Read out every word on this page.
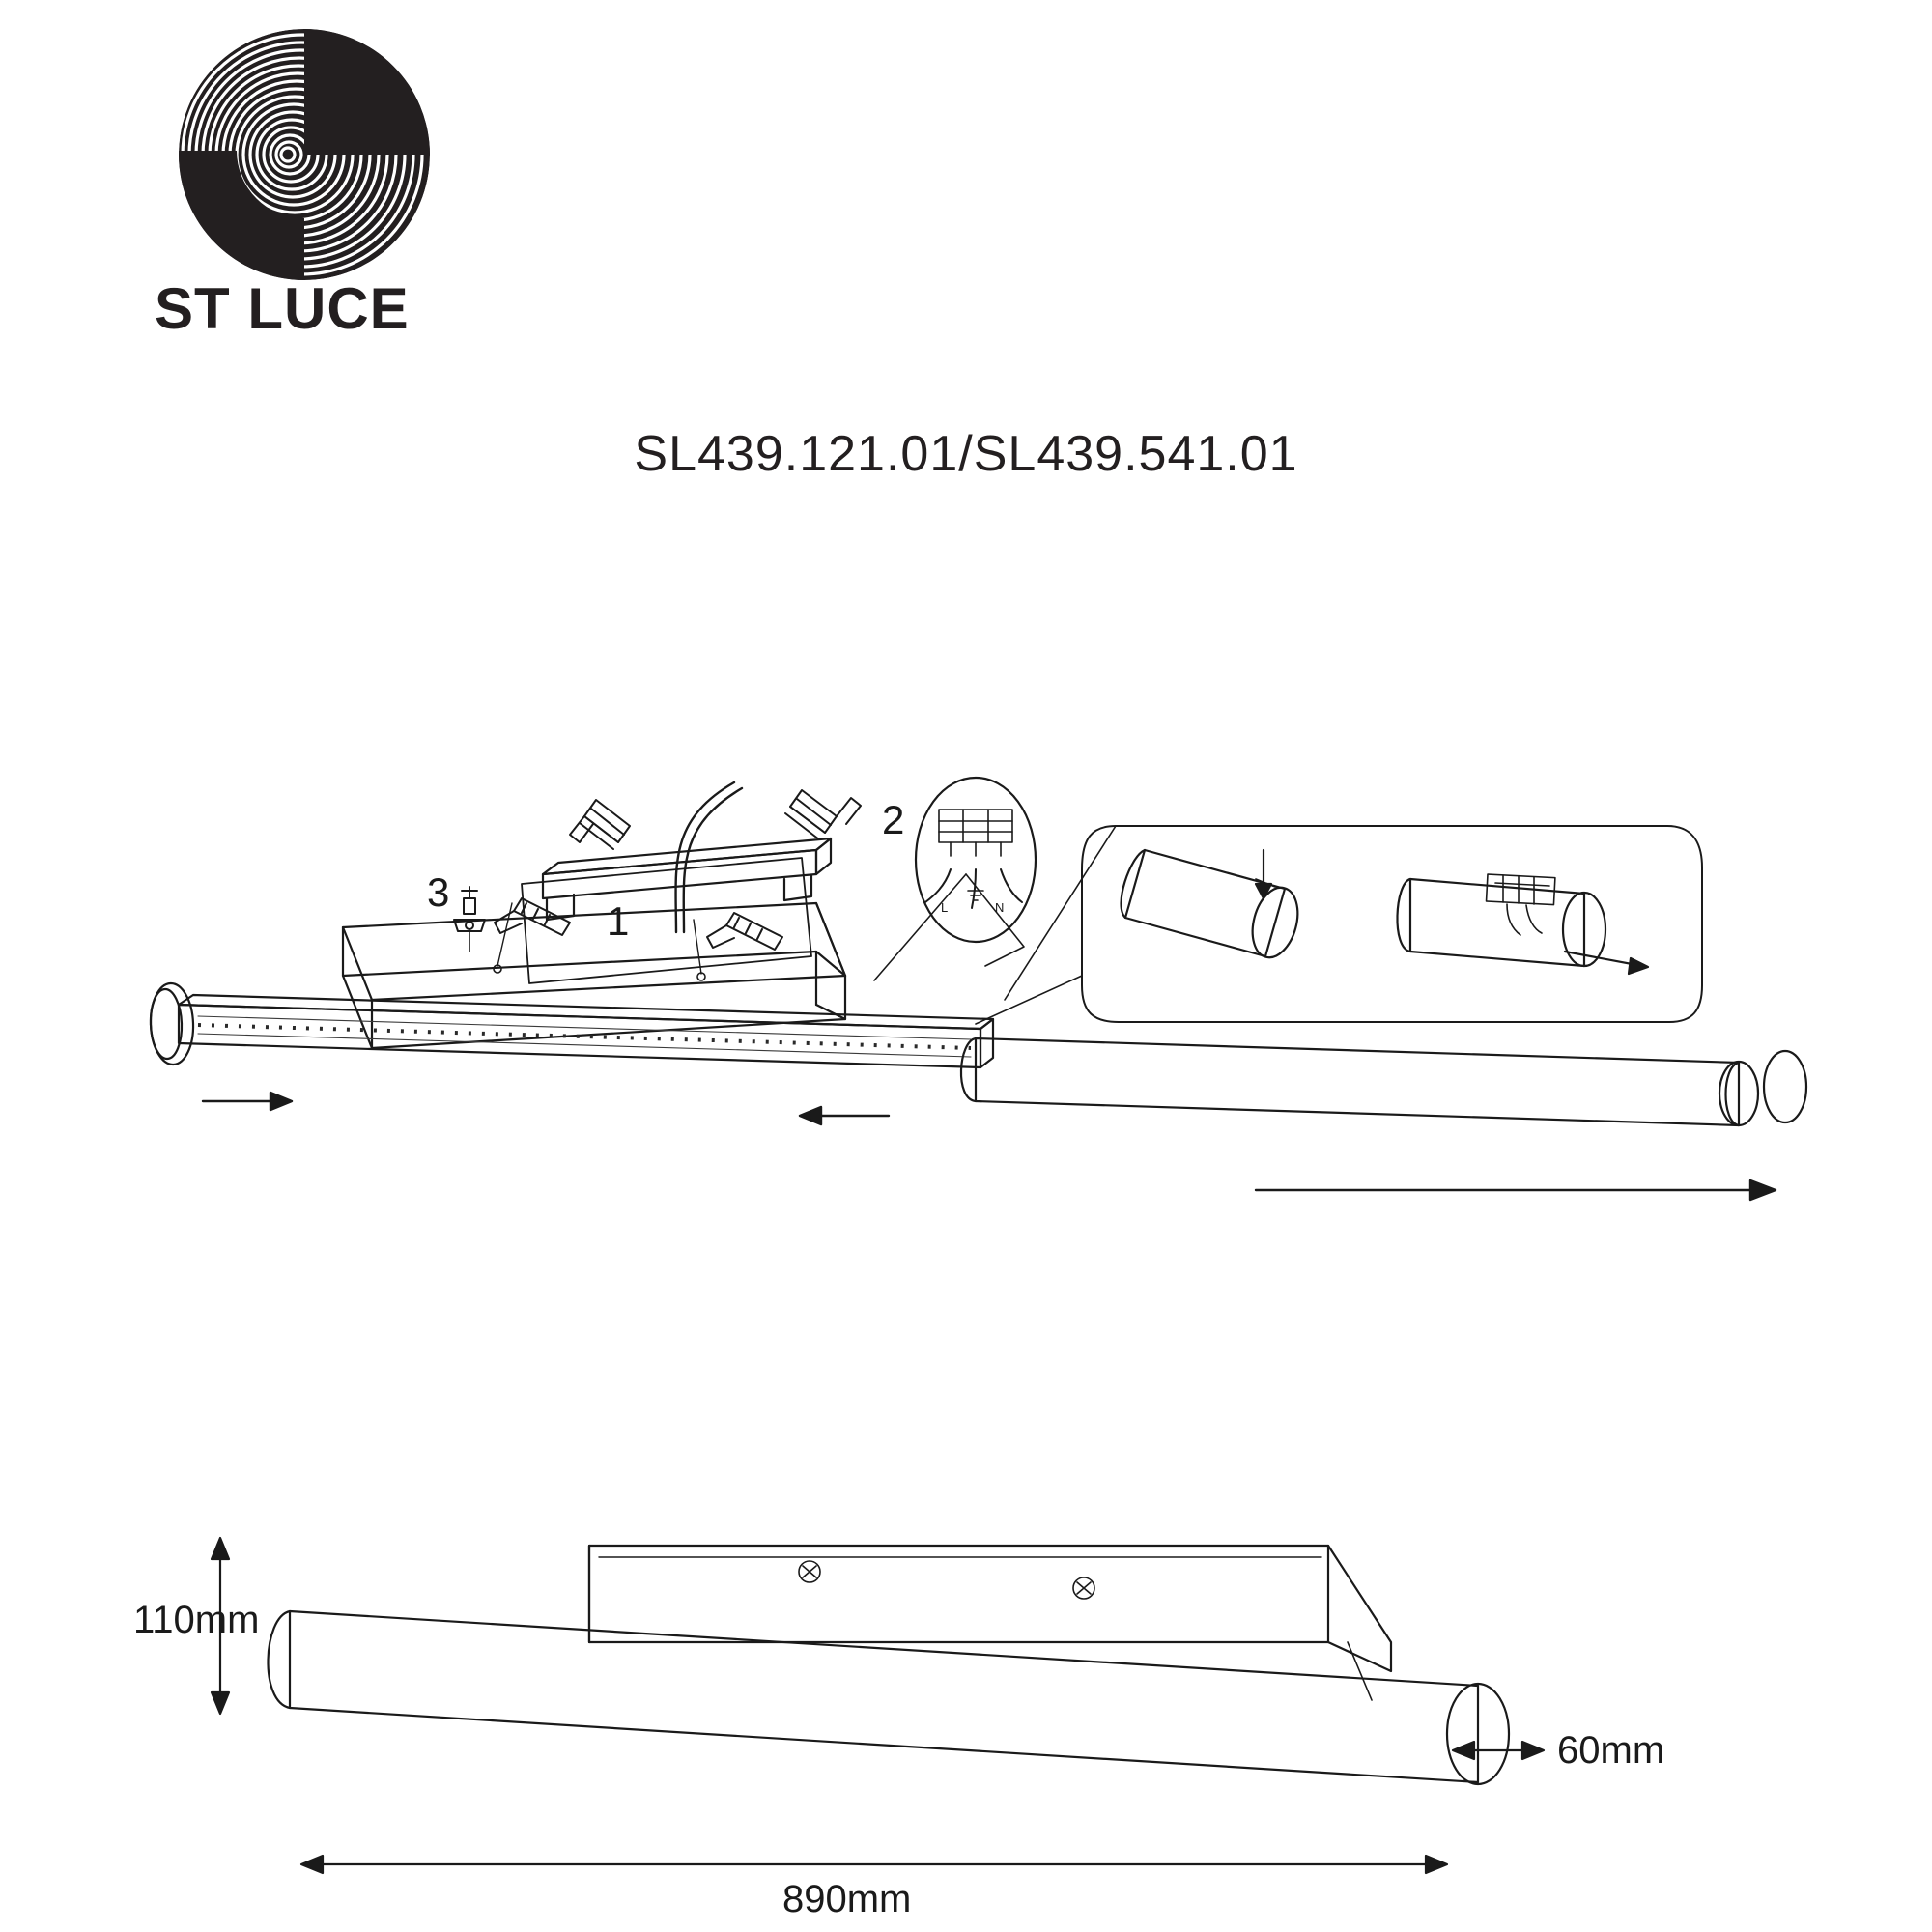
ST LUCE
SL439.121.01/SL439.541.01
3
1
2
L	N
110mm
60mm
890mm
